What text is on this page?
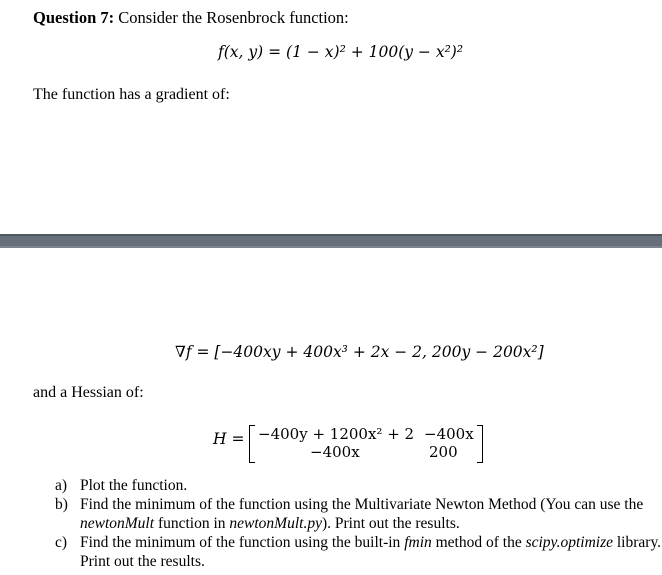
Question 7: Consider the Rosenbrock function:
f(x, y) = (1 − x)² + 100(y − x²)²
The function has a gradient of:
∇f = [−400xy + 400x³ + 2x − 2, 200y − 200x²]
and a Hessian of:
H = −400y + 1200x² + 2 −400x
−400x	200
a) Plot the function.
b) Find the minimum of the function using the Multivariate Newton Method (You can use the newtonMult function in newtonMult.py). Print out the results.
c) Find the minimum of the function using the built-in fmin method of the scipy.optimize library. Print out the results.
